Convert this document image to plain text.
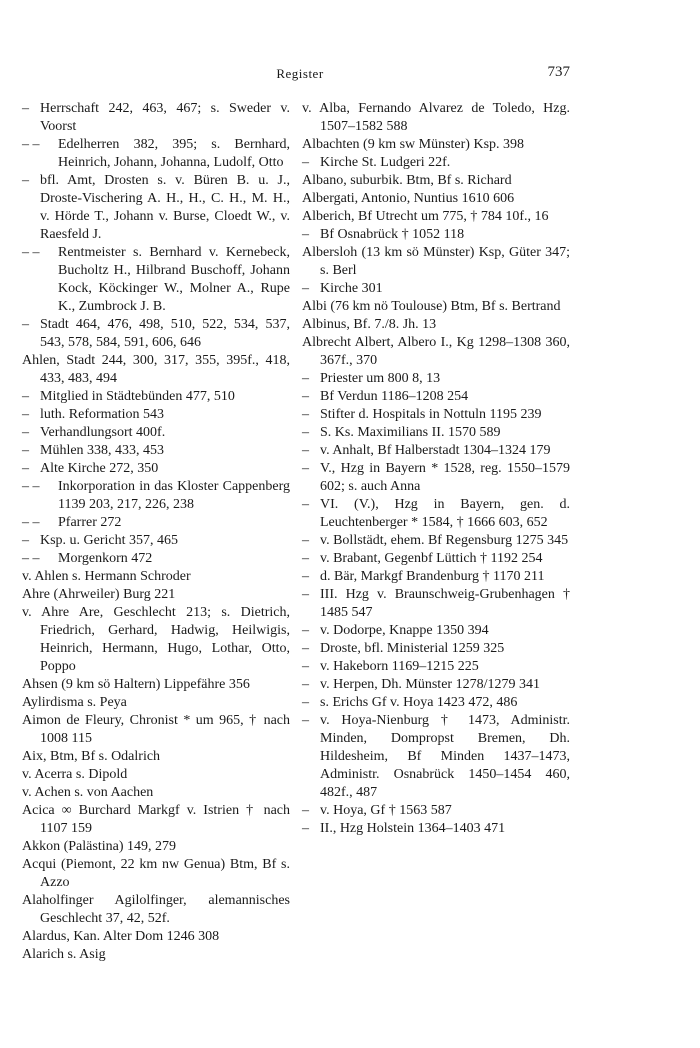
Register	737

– Herrschaft 242, 463, 467; s. Sweder v. Voorst

– – Edelherren 382, 395; s. Bernhard, Heinrich, Johann, Johanna, Ludolf, Otto

– bfl. Amt, Drosten s. v. Büren B. u. J., Droste-Vischering A. H., H., C. H., M. H., v. Hörde T., Johann v. Burse, Cloedt W., v. Raesfeld J.

– – Rentmeister s. Bernhard v. Kernebeck, Bucholtz H., Hilbrand Buschoff, Johann Kock, Köckinger W., Molner A., Rupe K., Zumbrock J. B.

– Stadt 464, 476, 498, 510, 522, 534, 537, 543, 578, 584, 591, 606, 646

Ahlen, Stadt 244, 300, 317, 355, 395f., 418, 433, 483, 494

– Mitglied in Städtebünden 477, 510

– luth. Reformation 543

– Verhandlungsort 400f.

– Mühlen 338, 433, 453

– Alte Kirche 272, 350

– – Inkorporation in das Kloster Cappenberg 1139 203, 217, 226, 238

– – Pfarrer 272

– Ksp. u. Gericht 357, 465

– – Morgenkorn 472

v. Ahlen s. Hermann Schroder

Ahre (Ahrweiler) Burg 221

v. Ahre Are, Geschlecht 213; s. Dietrich, Friedrich, Gerhard, Hadwig, Heilwigis, Heinrich, Hermann, Hugo, Lothar, Otto, Poppo

Ahsen (9 km sö Haltern) Lippefähre 356

Aylirdisma s. Peya

Aimon de Fleury, Chronist * um 965, † nach 1008 115

Aix, Btm, Bf s. Odalrich

v. Acerra s. Dipold

v. Achen s. von Aachen

Acica ∞ Burchard Markgf v. Istrien † nach 1107 159

Akkon (Palästina) 149, 279

Acqui (Piemont, 22 km nw Genua) Btm, Bf s. Azzo

Alaholfinger Agilolfinger, alemannisches Geschlecht 37, 42, 52f.

Alardus, Kan. Alter Dom 1246 308

Alarich s. Asig

v. Alba, Fernando Alvarez de Toledo, Hzg. 1507–1582 588

Albachten (9 km sw Münster) Ksp. 398

– Kirche St. Ludgeri 22f.

Albano, suburbik. Btm, Bf s. Richard

Albergati, Antonio, Nuntius 1610 606

Alberich, Bf Utrecht um 775, † 784 10f., 16

– Bf Osnabrück † 1052 118

Albersloh (13 km sö Münster) Ksp, Güter 347; s. Berl

– Kirche 301

Albi (76 km nö Toulouse) Btm, Bf s. Bertrand

Albinus, Bf. 7./8. Jh. 13

Albrecht Albert, Albero I., Kg 1298–1308 360, 367f., 370

– Priester um 800 8, 13

– Bf Verdun 1186–1208 254

– Stifter d. Hospitals in Nottuln 1195 239

– S. Ks. Maximilians II. 1570 589

– v. Anhalt, Bf Halberstadt 1304–1324 179

– V., Hzg in Bayern * 1528, reg. 1550–1579 602; s. auch Anna

– VI. (V.), Hzg in Bayern, gen. d. Leuchtenberger * 1584, † 1666 603, 652

– v. Bollstädt, ehem. Bf Regensburg 1275 345

– v. Brabant, Gegenbf Lüttich † 1192 254

– d. Bär, Markgf Brandenburg † 1170 211

– III. Hzg v. Braunschweig-Grubenhagen † 1485 547

– v. Dodorpe, Knappe 1350 394

– Droste, bfl. Ministerial 1259 325

– v. Hakeborn 1169–1215 225

– v. Herpen, Dh. Münster 1278/1279 341

– s. Erichs Gf v. Hoya 1423 472, 486

– v. Hoya-Nienburg † 1473, Administr. Minden, Dompropst Bremen, Dh. Hildesheim, Bf Minden 1437–1473, Administr. Osnabrück 1450–1454 460, 482f., 487

– v. Hoya, Gf † 1563 587

– II., Hzg Holstein 1364–1403 471
